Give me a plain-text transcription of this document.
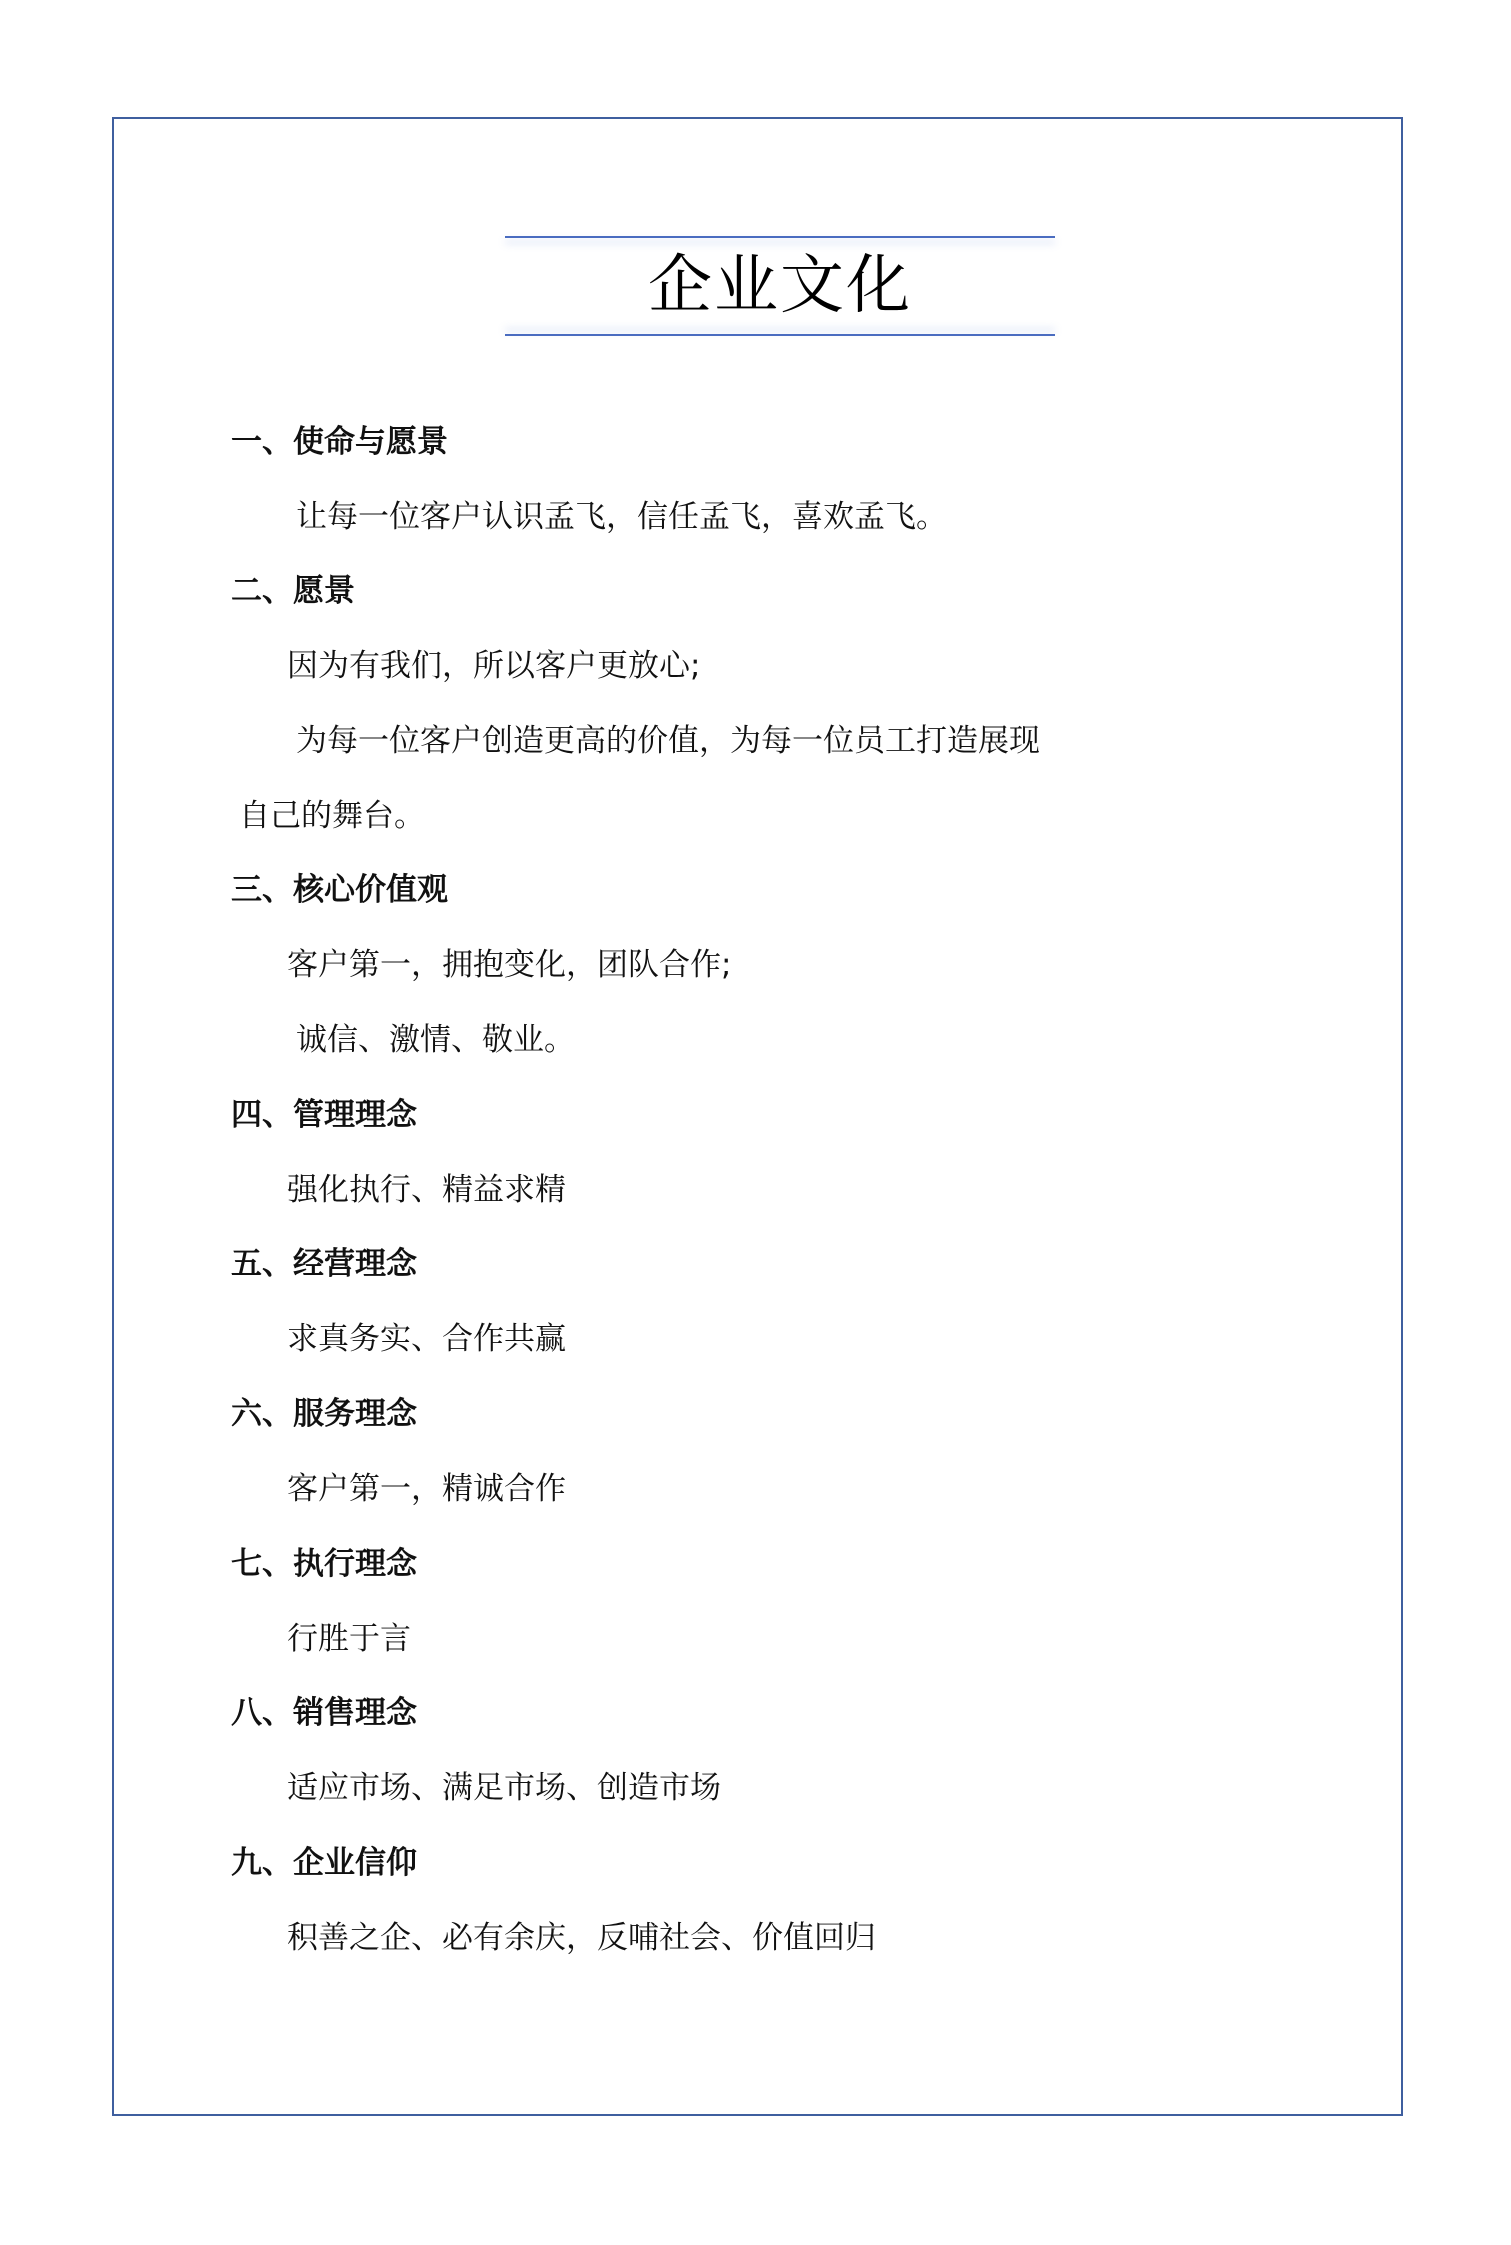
企业文化
一、使命与愿景
让每一位客户认识孟飞，信任孟飞，喜欢孟飞。
二、愿景
因为有我们，所以客户更放心;
为每一位客户创造更高的价值，为每一位员工打造展现
自己的舞台。
三、核心价值观
客户第一，拥抱变化，团队合作;
诚信、激情、敬业。
四、管理理念
强化执行、精益求精
五、经营理念
求真务实、合作共赢
六、服务理念
客户第一，精诚合作
七、执行理念
行胜于言
八、销售理念
适应市场、满足市场、创造市场
九、企业信仰
积善之企、必有余庆，反哺社会、价值回归
